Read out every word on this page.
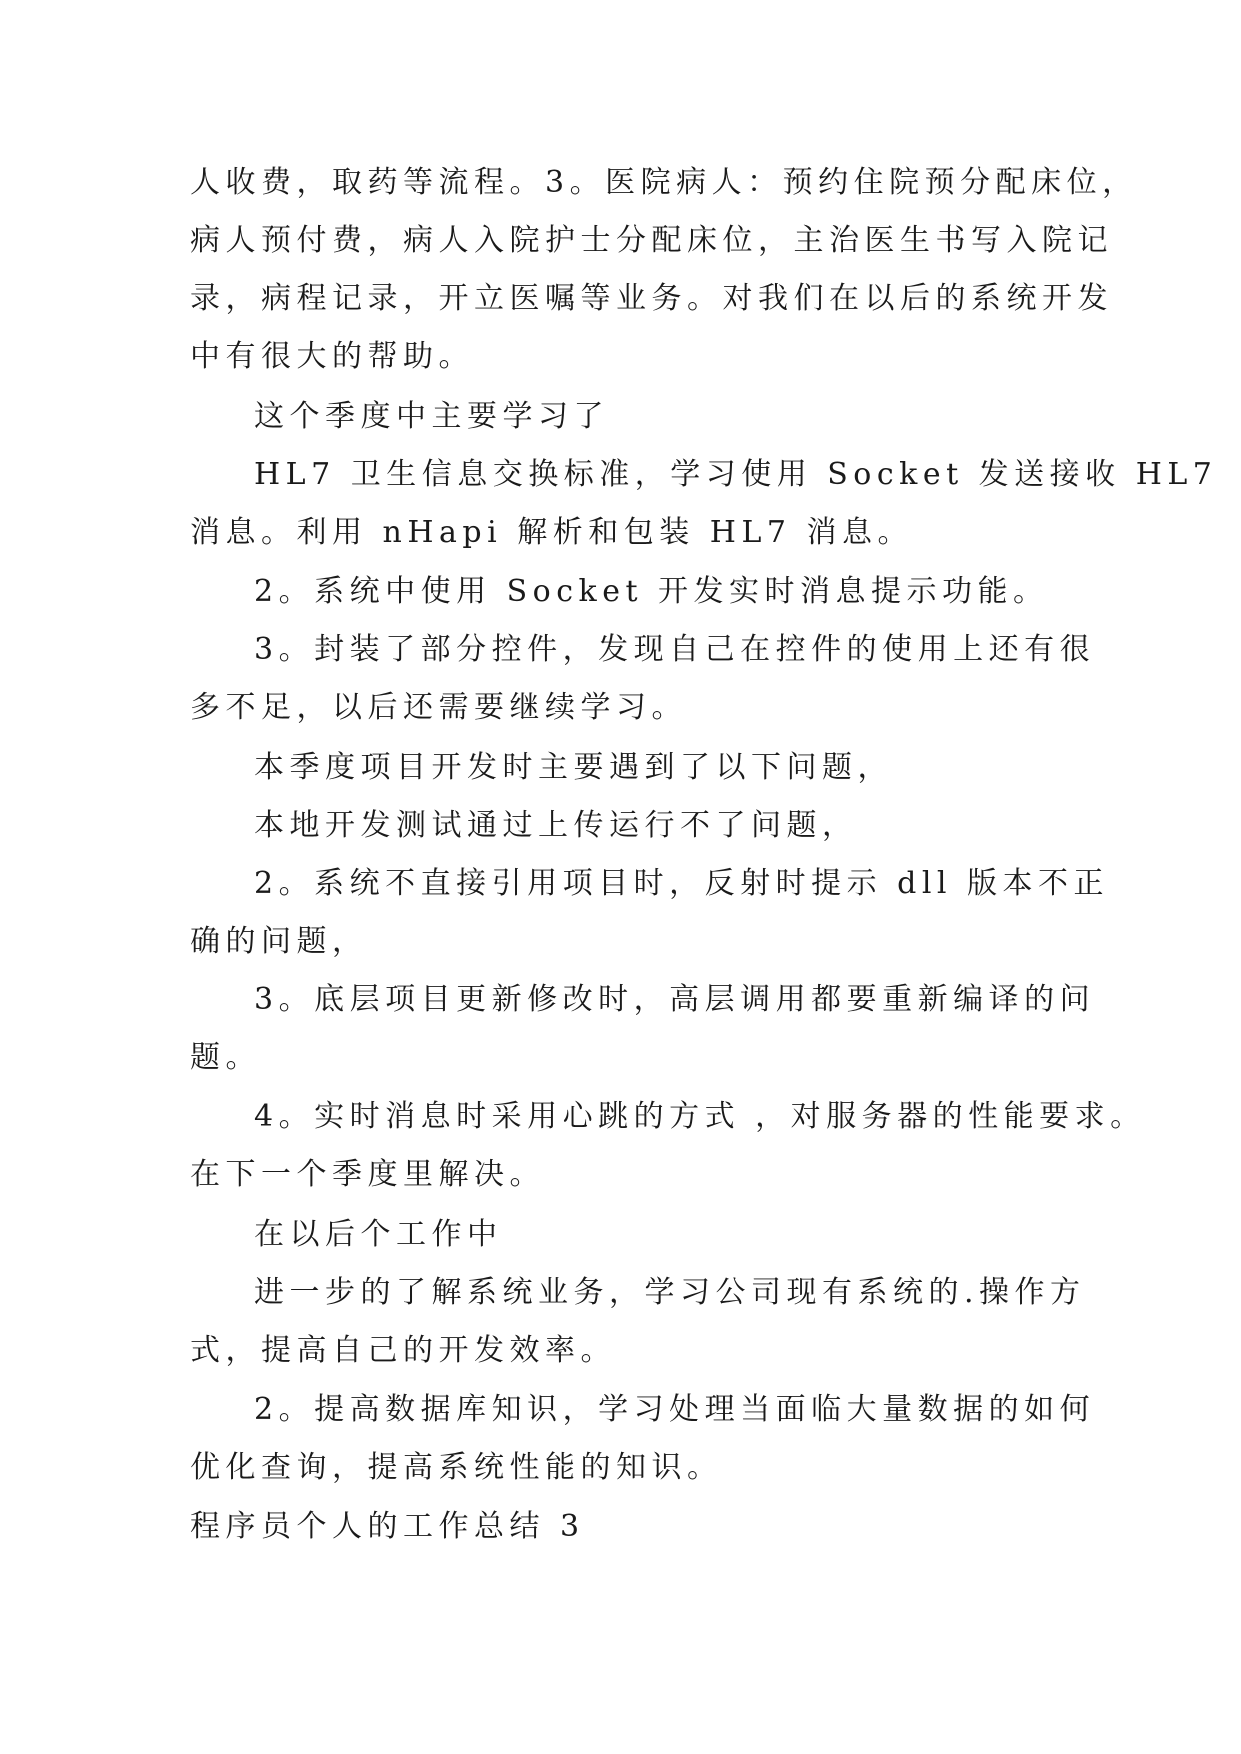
人收费，取药等流程。3。医院病人：预约住院预分配床位，
病人预付费，病人入院护士分配床位，主治医生书写入院记
录，病程记录，开立医嘱等业务。对我们在以后的系统开发
中有很大的帮助。
这个季度中主要学习了
HL7 卫生信息交换标准，学习使用 Socket 发送接收 HL7
消息。利用 nHapi 解析和包装 HL7 消息。
2。系统中使用 Socket 开发实时消息提示功能。
3。封装了部分控件，发现自己在控件的使用上还有很
多不足，以后还需要继续学习。
本季度项目开发时主要遇到了以下问题，
本地开发测试通过上传运行不了问题，
2。系统不直接引用项目时，反射时提示 dll 版本不正
确的问题，
3。底层项目更新修改时，高层调用都要重新编译的问
题。
4。实时消息时采用心跳的方式 ，对服务器的性能要求。
在下一个季度里解决。
在以后个工作中
进一步的了解系统业务，学习公司现有系统的.操作方
式，提高自己的开发效率。
2。提高数据库知识，学习处理当面临大量数据的如何
优化查询，提高系统性能的知识。
程序员个人的工作总结 3
